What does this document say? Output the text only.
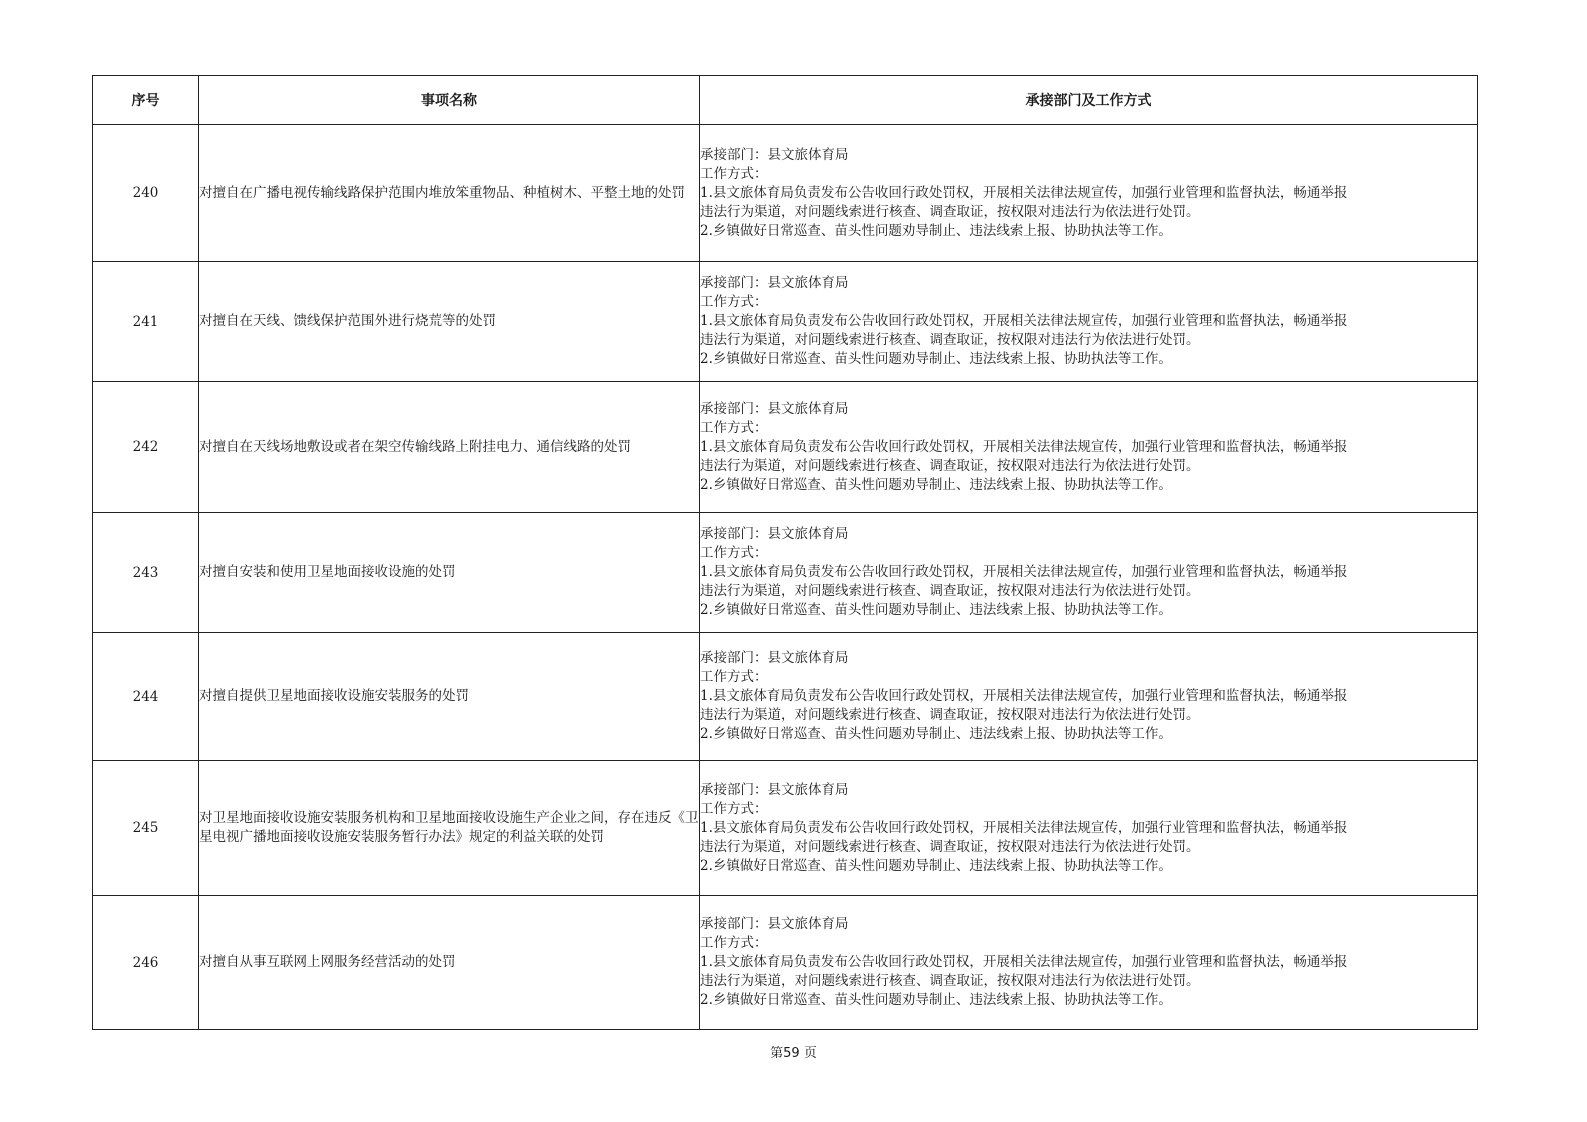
序号	事项名称	承接部门及工作方式
240	对擅自在广播电视传输线路保护范围内堆放笨重物品、种植树木、平整土地的处罚	承接部门：县文旅体育局
工作方式：
1.县文旅体育局负责发布公告收回行政处罚权，开展相关法律法规宣传，加强行业管理和监督执法，畅通举报
违法行为渠道，对问题线索进行核查、调查取证，按权限对违法行为依法进行处罚。
2.乡镇做好日常巡查、苗头性问题劝导制止、违法线索上报、协助执法等工作。

241	对擅自在天线、馈线保护范围外进行烧荒等的处罚	承接部门：县文旅体育局
工作方式：
1.县文旅体育局负责发布公告收回行政处罚权，开展相关法律法规宣传，加强行业管理和监督执法，畅通举报
违法行为渠道，对问题线索进行核查、调查取证，按权限对违法行为依法进行处罚。
2.乡镇做好日常巡查、苗头性问题劝导制止、违法线索上报、协助执法等工作。

242	对擅自在天线场地敷设或者在架空传输线路上附挂电力、通信线路的处罚	承接部门：县文旅体育局
工作方式：
1.县文旅体育局负责发布公告收回行政处罚权，开展相关法律法规宣传，加强行业管理和监督执法，畅通举报
违法行为渠道，对问题线索进行核查、调查取证，按权限对违法行为依法进行处罚。
2.乡镇做好日常巡查、苗头性问题劝导制止、违法线索上报、协助执法等工作。

243	对擅自安装和使用卫星地面接收设施的处罚	承接部门：县文旅体育局
工作方式：
1.县文旅体育局负责发布公告收回行政处罚权，开展相关法律法规宣传，加强行业管理和监督执法，畅通举报
违法行为渠道，对问题线索进行核查、调查取证，按权限对违法行为依法进行处罚。
2.乡镇做好日常巡查、苗头性问题劝导制止、违法线索上报、协助执法等工作。

244	对擅自提供卫星地面接收设施安装服务的处罚	承接部门：县文旅体育局
工作方式：
1.县文旅体育局负责发布公告收回行政处罚权，开展相关法律法规宣传，加强行业管理和监督执法，畅通举报
违法行为渠道，对问题线索进行核查、调查取证，按权限对违法行为依法进行处罚。
2.乡镇做好日常巡查、苗头性问题劝导制止、违法线索上报、协助执法等工作。

245	对卫星地面接收设施安装服务机构和卫星地面接收设施生产企业之间，存在违反《卫星电视广播地面接收设施安装服务暂行办法》规定的利益关联的处罚	承接部门：县文旅体育局
工作方式：
1.县文旅体育局负责发布公告收回行政处罚权，开展相关法律法规宣传，加强行业管理和监督执法，畅通举报
违法行为渠道，对问题线索进行核查、调查取证，按权限对违法行为依法进行处罚。
2.乡镇做好日常巡查、苗头性问题劝导制止、违法线索上报、协助执法等工作。

246	对擅自从事互联网上网服务经营活动的处罚	承接部门：县文旅体育局
工作方式：
1.县文旅体育局负责发布公告收回行政处罚权，开展相关法律法规宣传，加强行业管理和监督执法，畅通举报
违法行为渠道，对问题线索进行核查、调查取证，按权限对违法行为依法进行处罚。
2.乡镇做好日常巡查、苗头性问题劝导制止、违法线索上报、协助执法等工作。
第59 页
